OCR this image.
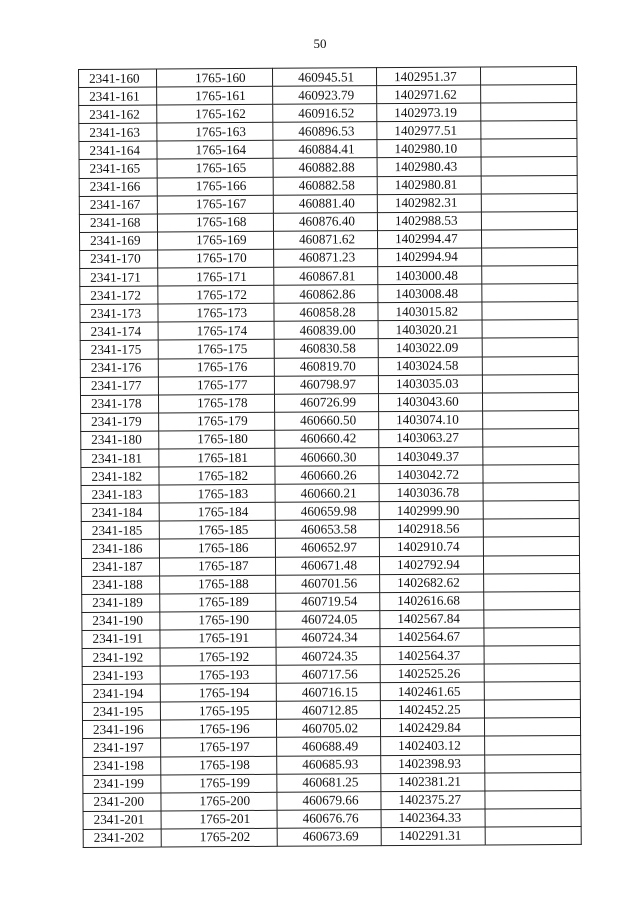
50
2341-160	1765-160	460945.51	1402951.37	
2341-161	1765-161	460923.79	1402971.62	
2341-162	1765-162	460916.52	1402973.19	
2341-163	1765-163	460896.53	1402977.51	
2341-164	1765-164	460884.41	1402980.10	
2341-165	1765-165	460882.88	1402980.43	
2341-166	1765-166	460882.58	1402980.81	
2341-167	1765-167	460881.40	1402982.31	
2341-168	1765-168	460876.40	1402988.53	
2341-169	1765-169	460871.62	1402994.47	
2341-170	1765-170	460871.23	1402994.94	
2341-171	1765-171	460867.81	1403000.48	
2341-172	1765-172	460862.86	1403008.48	
2341-173	1765-173	460858.28	1403015.82	
2341-174	1765-174	460839.00	1403020.21	
2341-175	1765-175	460830.58	1403022.09	
2341-176	1765-176	460819.70	1403024.58	
2341-177	1765-177	460798.97	1403035.03	
2341-178	1765-178	460726.99	1403043.60	
2341-179	1765-179	460660.50	1403074.10	
2341-180	1765-180	460660.42	1403063.27	
2341-181	1765-181	460660.30	1403049.37	
2341-182	1765-182	460660.26	1403042.72	
2341-183	1765-183	460660.21	1403036.78	
2341-184	1765-184	460659.98	1402999.90	
2341-185	1765-185	460653.58	1402918.56	
2341-186	1765-186	460652.97	1402910.74	
2341-187	1765-187	460671.48	1402792.94	
2341-188	1765-188	460701.56	1402682.62	
2341-189	1765-189	460719.54	1402616.68	
2341-190	1765-190	460724.05	1402567.84	
2341-191	1765-191	460724.34	1402564.67	
2341-192	1765-192	460724.35	1402564.37	
2341-193	1765-193	460717.56	1402525.26	
2341-194	1765-194	460716.15	1402461.65	
2341-195	1765-195	460712.85	1402452.25	
2341-196	1765-196	460705.02	1402429.84	
2341-197	1765-197	460688.49	1402403.12	
2341-198	1765-198	460685.93	1402398.93	
2341-199	1765-199	460681.25	1402381.21	
2341-200	1765-200	460679.66	1402375.27	
2341-201	1765-201	460676.76	1402364.33	
2341-202	1765-202	460673.69	1402291.31	
